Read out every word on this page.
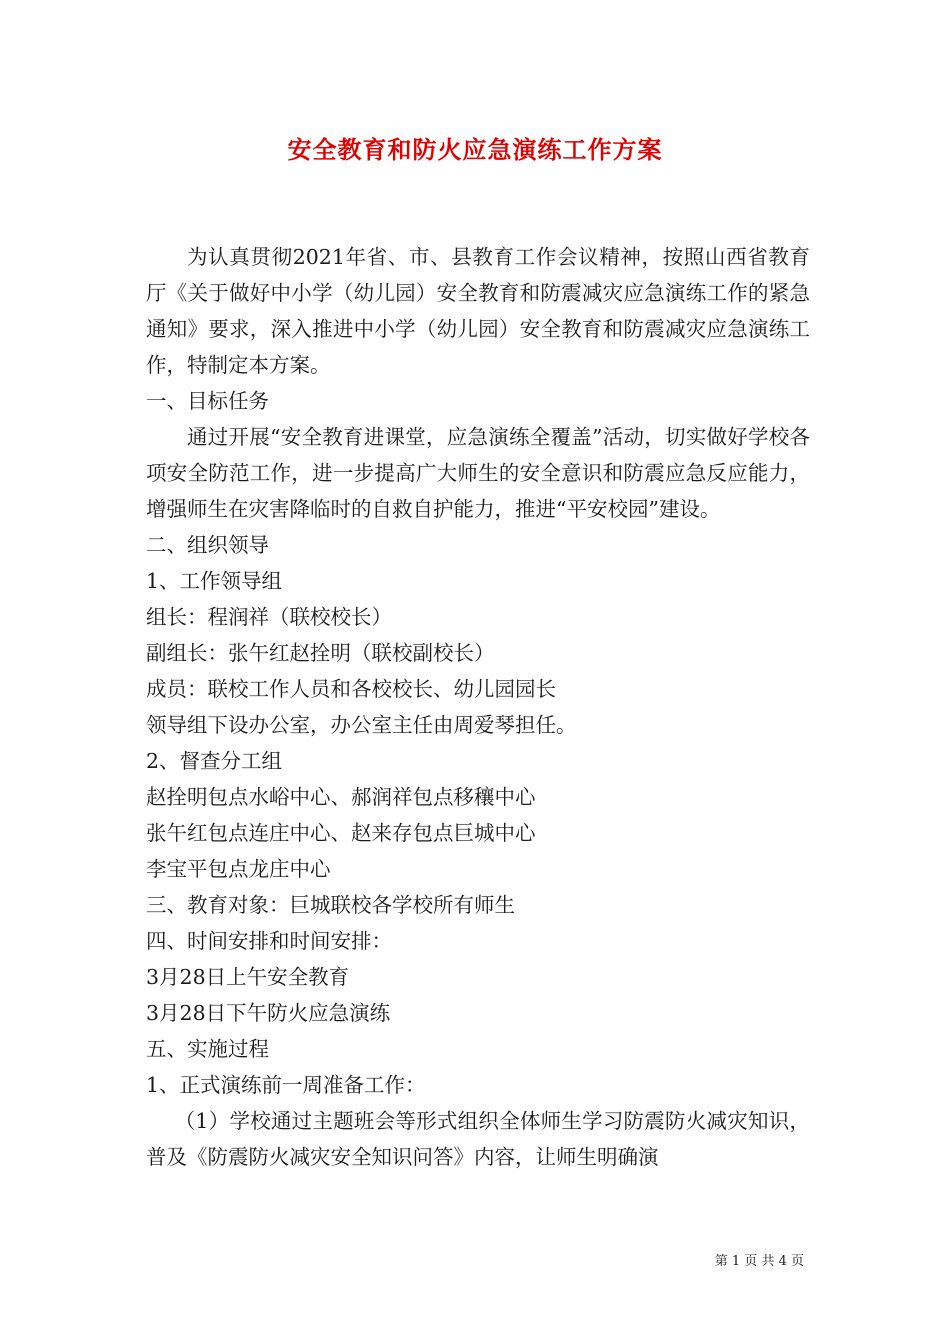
安全教育和防火应急演练工作方案

为认真贯彻2021年省、市、县教育工作会议精神，按照山西省教育厅《关于做好中小学（幼儿园）安全教育和防震减灾应急演练工作的紧急通知》要求，深入推进中小学（幼儿园）安全教育和防震减灾应急演练工作，特制定本方案。

一、目标任务

通过开展“安全教育进课堂，应急演练全覆盖”活动，切实做好学校各项安全防范工作，进一步提高广大师生的安全意识和防震应急反应能力，增强师生在灾害降临时的自救自护能力，推进“平安校园”建设。

二、组织领导

1、工作领导组

组长：程润祥（联校校长）

副组长：张午红赵拴明（联校副校长）

成员：联校工作人员和各校校长、幼儿园园长

领导组下设办公室，办公室主任由周爱琴担任。

2、督查分工组

赵拴明包点水峪中心、郝润祥包点移穰中心

张午红包点连庄中心、赵来存包点巨城中心

李宝平包点龙庄中心

三、教育对象：巨城联校各学校所有师生

四、时间安排和时间安排：

3月28日上午安全教育

3月28日下午防火应急演练

五、实施过程

1、正式演练前一周准备工作：

（1）学校通过主题班会等形式组织全体师生学习防震防火减灾知识，普及《防震防火减灾安全知识问答》内容，让师生明确演

第 1 页 共 4 页
